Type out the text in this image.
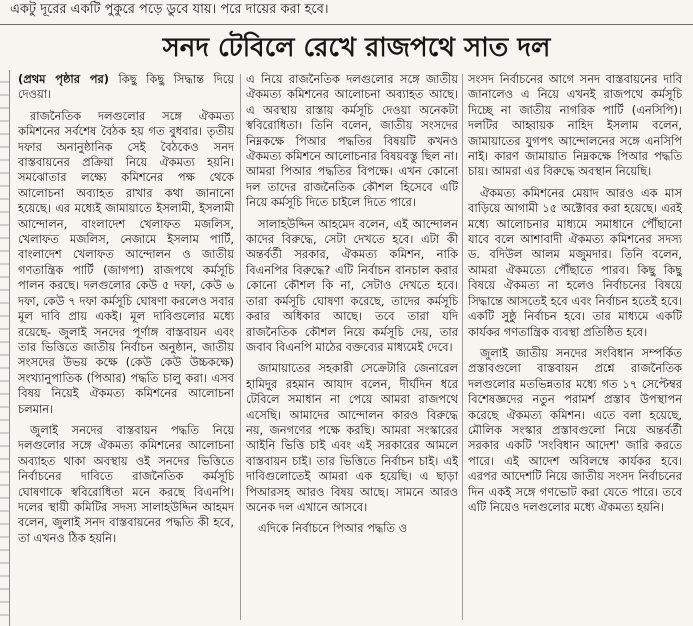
একটু দূরের একটি পুকুরে পড়ে ডুবে যায়। পরে দায়ের করা হবে।
সনদ টেবিলে রেখে রাজপথে সাত দল

(প্রথম পৃষ্ঠার পর) কিছু কিছু সিদ্ধান্ত দিয়ে দেওয়া।

রাজনৈতিক দলগুলোর সঙ্গে ঐকমত্য কমিশনের সর্বশেষ বৈঠক হয় গত বুধবার। তৃতীয় দফার অনানুষ্ঠানিক সেই বৈঠকেও সনদ বাস্তবায়নের প্রক্রিয়া নিয়ে ঐকমত্য হয়নি। সমঝোতার লক্ষ্যে কমিশনের পক্ষ থেকে আলোচনা অব্যাহত রাখার কথা জানানো হয়েছে। এর মধ্যেই জামায়াতে ইসলামী, ইসলামী আন্দোলন, বাংলাদেশ খেলাফত মজলিস, খেলাফত মজলিস, নেজামে ইসলাম পার্টি, বাংলাদেশ খেলাফত আন্দোলন ও জাতীয় গণতান্ত্রিক পার্টি (জাগপা) রাজপথে কর্মসূচি পালন করছে। দলগুলোর কেউ ৫ দফা, কেউ ৬ দফা, কেউ ৭ দফা কর্মসূচি ঘোষণা করলেও সবার মূল দাবি প্রায় একই। মূল দাবিগুলোর মধ্যে রয়েছে- জুলাই সনদের পূর্ণাঙ্গ বাস্তবায়ন এবং তার ভিত্তিতে জাতীয় নির্বাচন অনুষ্ঠান, জাতীয় সংসদের উভয় কক্ষে (কেউ কেউ উচ্চকক্ষে) সংখ্যানুপাতিক (পিআর) পদ্ধতি চালু করা। এসব বিষয় নিয়েই ঐকমত্য কমিশনের আলোচনা চলমান।

জুলাই সনদের বাস্তবায়ন পদ্ধতি নিয়ে দলগুলোর সঙ্গে ঐকমত্য কমিশনের আলোচনা অব্যাহত থাকা অবস্থায় ওই সনদের ভিত্তিতে নির্বাচনের দাবিতে রাজনৈতিক কর্মসূচি ঘোষণাকে স্ববিরোধিতা মনে করছে বিএনপি। দলের স্থায়ী কমিটির সদস্য সালাহউদ্দিন আহমদ বলেন, জুলাই সনদ বাস্তবায়নের পদ্ধতি কী হবে, তা এখনও ঠিক হয়নি।

এ নিয়ে রাজনৈতিক দলগুলোর সঙ্গে জাতীয় ঐকমত্য কমিশনের আলোচনা অব্যাহত আছে। এ অবস্থায় রাস্তায় কর্মসূচি দেওয়া অনেকটা স্ববিরোধিতা। তিনি বলেন, জাতীয় সংসদের নিম্নকক্ষে পিআর পদ্ধতির বিষয়টি কখনও ঐকমত্য কমিশনে আলোচনার বিষয়বস্তু ছিল না। আমরা পিআর পদ্ধতির বিপক্ষে। এখন কোনো দল তাদের রাজনৈতিক কৌশল হিসেবে এটি নিয়ে কর্মসূচি দিতে চাইলে দিতে পারে।

সালাহউদ্দিন আহমেদ বলেন, এই আন্দোলন কাদের বিরুদ্ধে, সেটা দেখতে হবে। এটা কী অন্তর্বর্তী সরকার, ঐকমত্য কমিশন, নাকি বিএনপির বিরুদ্ধে? এটি নির্বাচন বানচাল করার কোনো কৌশল কি না, সেটাও দেখতে হবে। তারা কর্মসূচি ঘোষণা করেছে, তাদের কর্মসূচি করার অধিকার আছে। তবে তারা যদি রাজনৈতিক কৌশল নিয়ে কর্মসূচি দেয়, তার জবাব বিএনপি মাঠের বক্তব্যের মাধ্যমেই দেবে।

জামায়াতের সহকারী সেক্রেটারি জেনারেল হামিদুর রহমান আযাদ বলেন, দীর্ঘদিন ধরে টেবিলে সমাধান না পেয়ে আমরা রাজপথে এসেছি। আমাদের আন্দোলন কারও বিরুদ্ধে নয়, জনগণের পক্ষে করছি। আমরা সংস্কারের আইনি ভিত্তি চাই এবং এই সরকারের আমলে বাস্তবায়ন চাই। তার ভিত্তিতে নির্বাচন চাই। এই দাবিগুলোতেই আমরা এক হয়েছি। এ ছাড়া পিআরসহ আরও বিষয় আছে। সামনে আরও অনেক দল এখানে আসবে।

এদিকে নির্বাচনে পিআর পদ্ধতি ও

সংসদ নির্বাচনের আগে সনদ বাস্তবায়নের দাবি জানালেও এ নিয়ে এখনই রাজপথে কর্মসূচি দিচ্ছে না জাতীয় নাগরিক পার্টি (এনসিপি)। দলটির আহ্বায়ক নাহিদ ইসলাম বলেন, জামায়াতের যুগপৎ আন্দোলনের সঙ্গে এনসিপি নাই। কারণ জামায়াত নিম্নকক্ষে পিআর পদ্ধতি চায়। আমরা এর বিরুদ্ধে অবস্থান নিয়েছি।

ঐকমত্য কমিশনের মেয়াদ আরও এক মাস বাড়িয়ে আগামী ১৫ অক্টোবর করা হয়েছে। এরই মধ্যে আলোচনার মাধ্যমে সমাধানে পৌঁছানো যাবে বলে আশাবাদী ঐকমত্য কমিশনের সদস্য ড. বদিউল আলম মজুমদার। তিনি বলেন, আমরা ঐকমত্যে পৌঁছাতে পারব। কিছু কিছু বিষয়ে ঐকমত্য না হলেও নির্বাচনের বিষয়ে সিদ্ধান্তে আসতেই হবে এবং নির্বাচন হতেই হবে। একটি সুষ্ঠু নির্বাচন হবে। তার মাধ্যমে একটি কার্যকর গণতান্ত্রিক ব্যবস্থা প্রতিষ্ঠিত হবে।

জুলাই জাতীয় সনদের সংবিধান সম্পর্কিত প্রস্তাবগুলো বাস্তবায়ন প্রশ্নে রাজনৈতিক দলগুলোর মতভিন্নতার মধ্যে গত ১৭ সেপ্টেম্বর বিশেষজ্ঞদের নতুন পরামর্শ প্রস্তাব উপস্থাপন করেছে ঐকমত্য কমিশন। এতে বলা হয়েছে, মৌলিক সংস্কার প্রস্তাবগুলো নিয়ে অন্তর্বর্তী সরকার একটি 'সংবিধান আদেশ' জারি করতে পারে। এই আদেশ অবিলম্বে কার্যকর হবে। এরপর আদেশটি নিয়ে জাতীয় সংসদ নির্বাচনের দিন একই সঙ্গে গণভোট করা যেতে পারে। তবে এটি নিয়েও দলগুলোর মধ্যে ঐকমত্য হয়নি।
